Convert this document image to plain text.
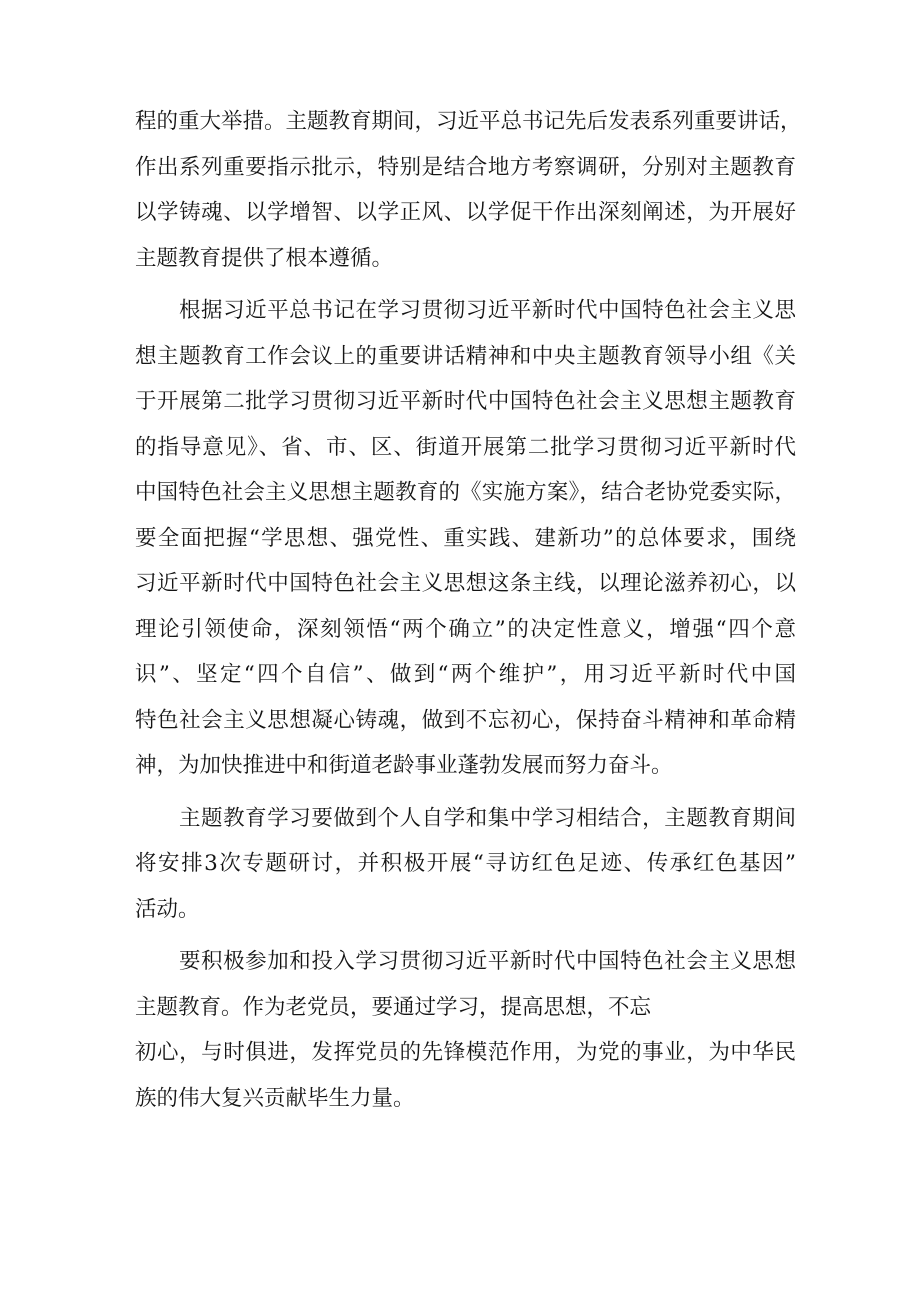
程的重大举措。主题教育期间，习近平总书记先后发表系列重要讲话，
作出系列重要指示批示，特别是结合地方考察调研，分别对主题教育
以学铸魂、以学增智、以学正风、以学促干作出深刻阐述，为开展好
主题教育提供了根本遵循。
根据习近平总书记在学习贯彻习近平新时代中国特色社会主义思
想主题教育工作会议上的重要讲话精神和中央主题教育领导小组《关
于开展第二批学习贯彻习近平新时代中国特色社会主义思想主题教育
的指导意见》、省、市、区、街道开展第二批学习贯彻习近平新时代
中国特色社会主义思想主题教育的《实施方案》，结合老协党委实际，
要全面把握“学思想、强党性、重实践、建新功”的总体要求，围绕
习近平新时代中国特色社会主义思想这条主线，以理论滋养初心，以
理论引领使命，深刻领悟“两个确立”的决定性意义，增强“四个意
识”、坚定“四个自信”、做到“两个维护”，用习近平新时代中国
特色社会主义思想凝心铸魂，做到不忘初心，保持奋斗精神和革命精
神，为加快推进中和街道老龄事业蓬勃发展而努力奋斗。
主题教育学习要做到个人自学和集中学习相结合，主题教育期间
将安排3次专题研讨，并积极开展“寻访红色足迹、传承红色基因”
活动。
要积极参加和投入学习贯彻习近平新时代中国特色社会主义思想
主题教育。作为老党员，要通过学习，提高思想，不忘
初心，与时俱进，发挥党员的先锋模范作用，为党的事业，为中华民
族的伟大复兴贡献毕生力量。
